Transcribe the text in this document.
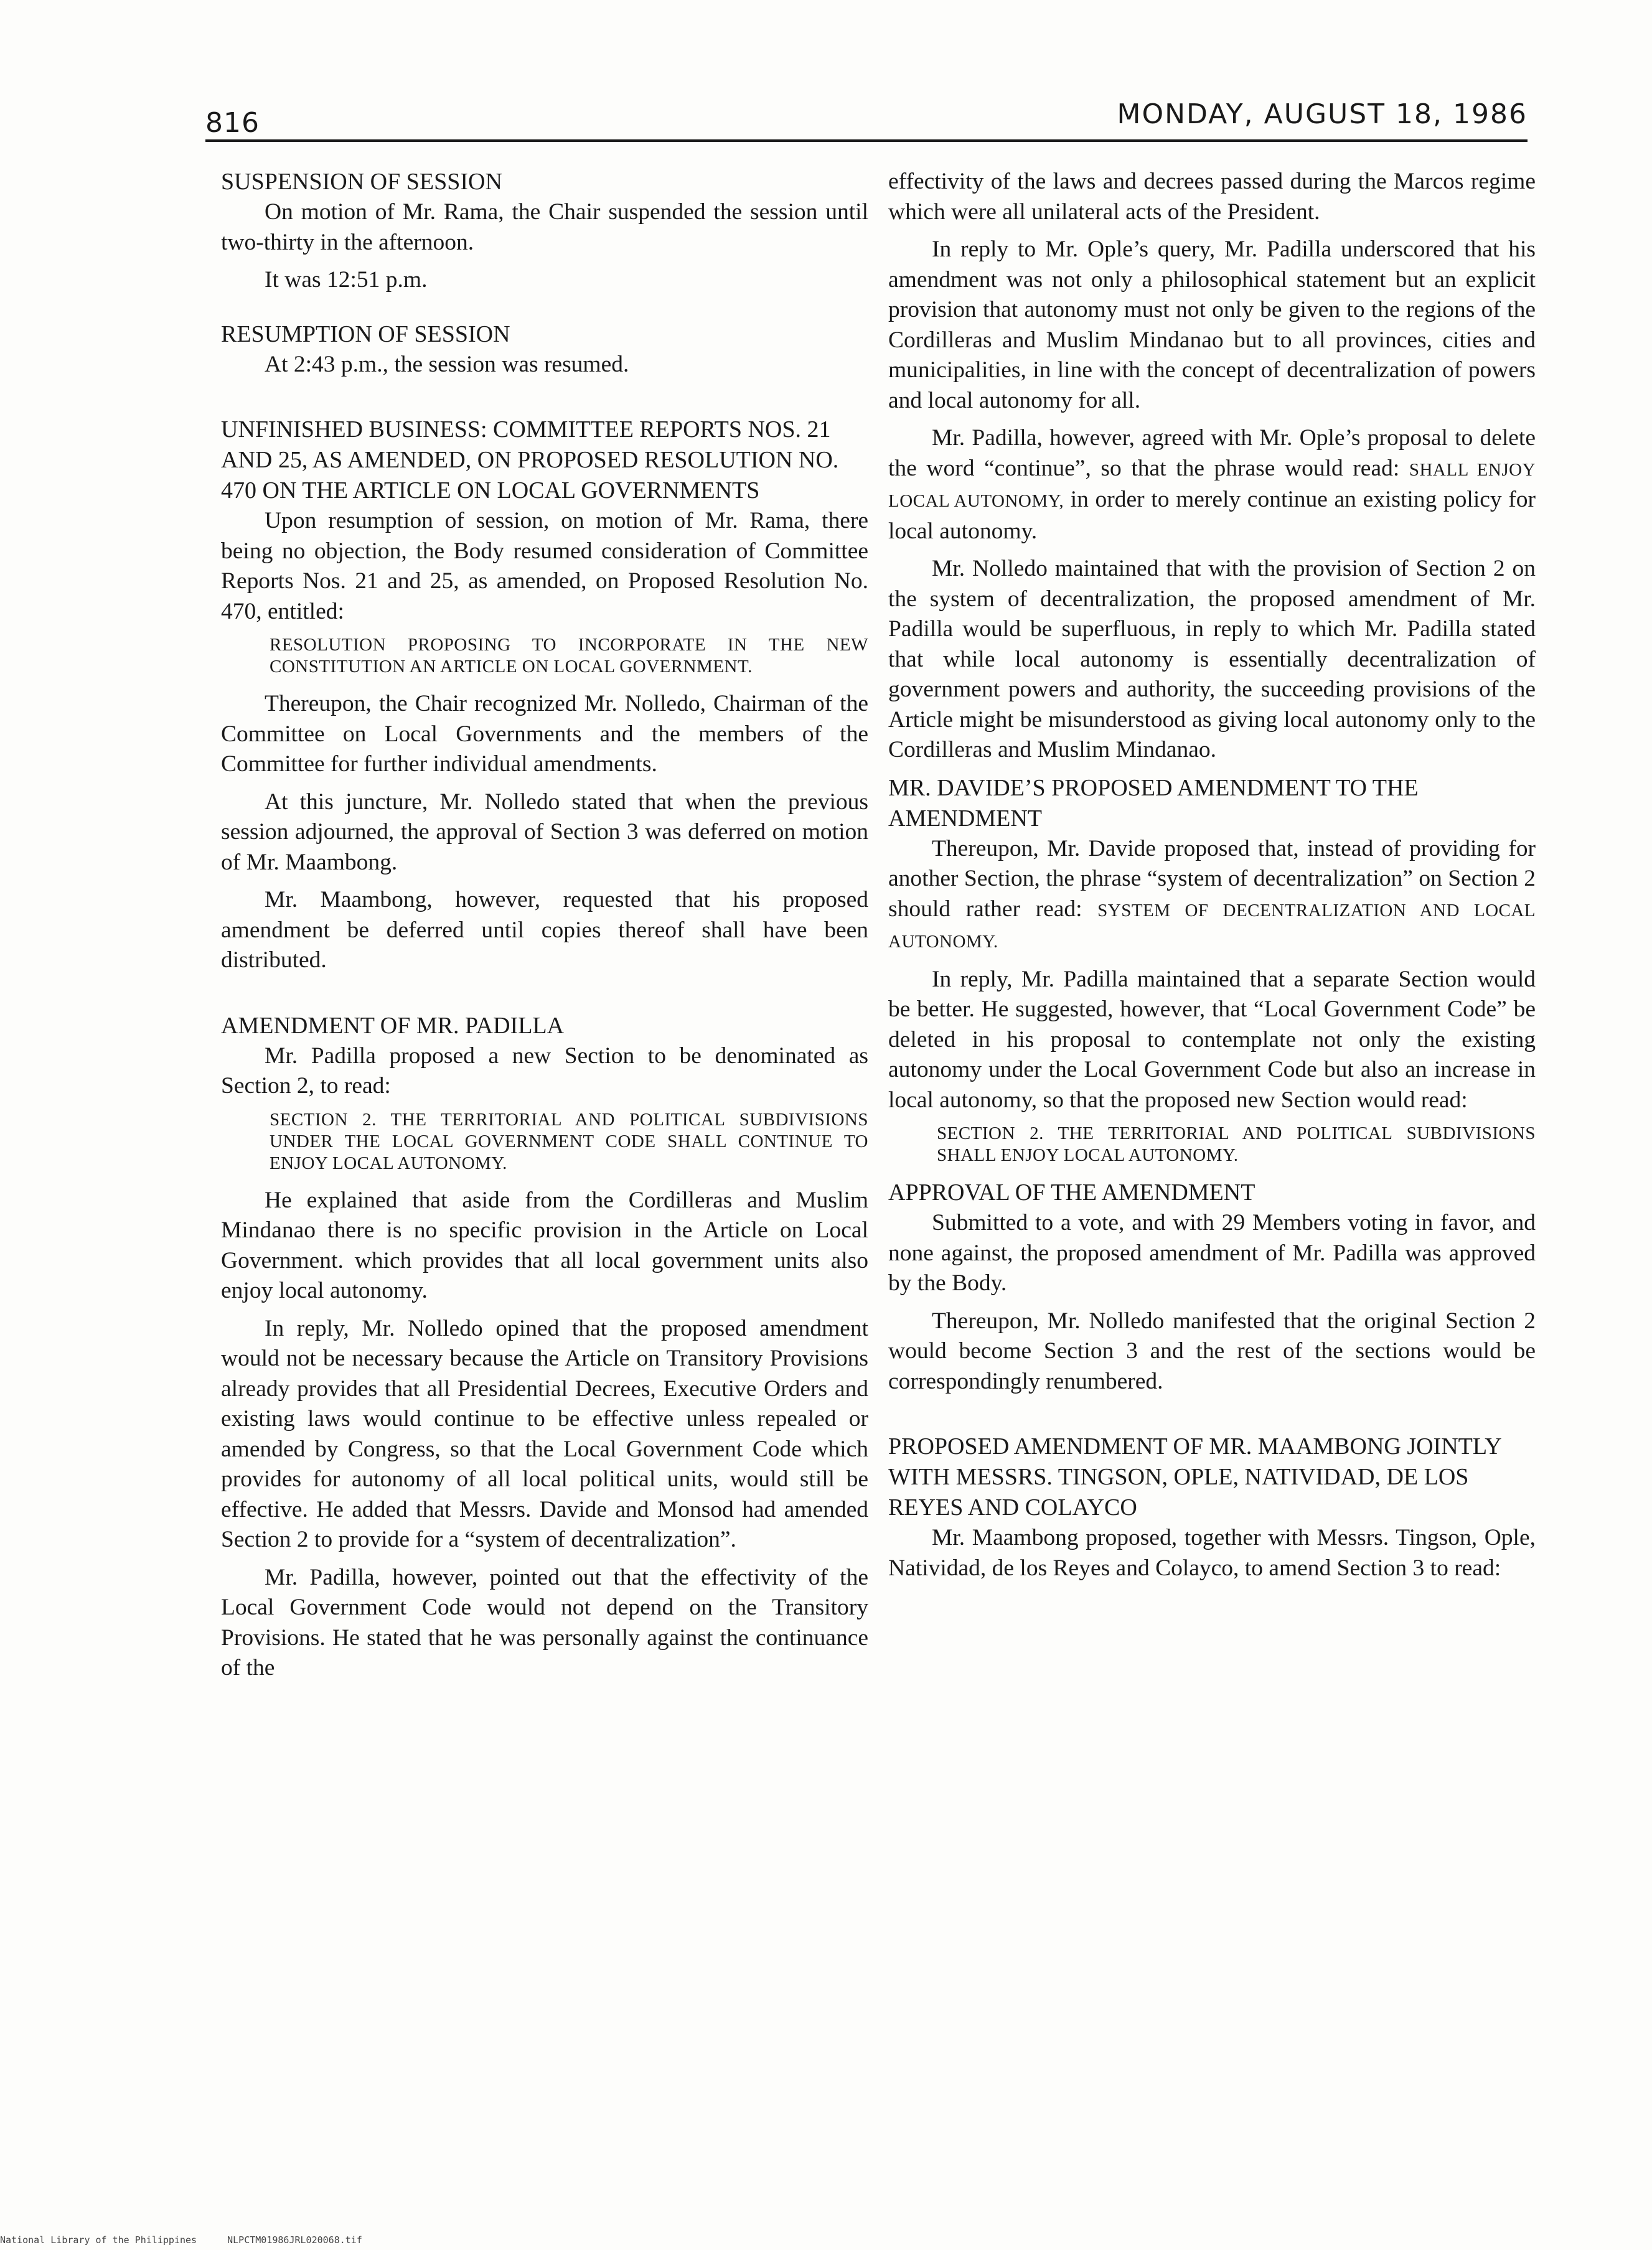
816	MONDAY, AUGUST 18, 1986
SUSPENSION OF SESSION

On motion of Mr. Rama, the Chair suspended the session until two-thirty in the afternoon.

It was 12:51 p.m.

RESUMPTION OF SESSION

At 2:43 p.m., the session was resumed.

UNFINISHED BUSINESS: COMMITTEE REPORTS NOS. 21 AND 25, AS AMENDED, ON PROPOSED RESOLUTION NO. 470 ON THE ARTICLE ON LOCAL GOVERNMENTS

Upon resumption of session, on motion of Mr. Rama, there being no objection, the Body resumed consideration of Committee Reports Nos. 21 and 25, as amended, on Proposed Resolution No. 470, entitled:

RESOLUTION PROPOSING TO INCORPORATE IN THE NEW CONSTITUTION AN ARTICLE ON LOCAL GOVERNMENT.

Thereupon, the Chair recognized Mr. Nolledo, Chairman of the Committee on Local Governments and the members of the Committee for further individual amendments.

At this juncture, Mr. Nolledo stated that when the previous session adjourned, the approval of Section 3 was deferred on motion of Mr. Maambong.

Mr. Maambong, however, requested that his proposed amendment be deferred until copies thereof shall have been distributed.

AMENDMENT OF MR. PADILLA

Mr. Padilla proposed a new Section to be denominated as Section 2, to read:

SECTION 2. THE TERRITORIAL AND POLITICAL SUBDIVISIONS UNDER THE LOCAL GOVERNMENT CODE SHALL CONTINUE TO ENJOY LOCAL AUTONOMY.

He explained that aside from the Cordilleras and Muslim Mindanao there is no specific provision in the Article on Local Government. which provides that all local government units also enjoy local autonomy.

In reply, Mr. Nolledo opined that the proposed amendment would not be necessary because the Article on Transitory Provisions already provides that all Presidential Decrees, Executive Orders and existing laws would continue to be effective unless repealed or amended by Congress, so that the Local Government Code which provides for autonomy of all local political units, would still be effective. He added that Messrs. Davide and Monsod had amended Section 2 to provide for a “system of decentralization”.

Mr. Padilla, however, pointed out that the effectivity of the Local Government Code would not depend on the Transitory Provisions. He stated that he was personally against the continuance of the

effectivity of the laws and decrees passed during the Marcos regime which were all unilateral acts of the President.

In reply to Mr. Ople’s query, Mr. Padilla underscored that his amendment was not only a philosophical statement but an explicit provision that autonomy must not only be given to the regions of the Cordilleras and Muslim Mindanao but to all provinces, cities and municipalities, in line with the concept of decentralization of powers and local autonomy for all.

Mr. Padilla, however, agreed with Mr. Ople’s proposal to delete the word “continue”, so that the phrase would read: SHALL ENJOY LOCAL AUTONOMY, in order to merely continue an existing policy for local autonomy.

Mr. Nolledo maintained that with the provision of Section 2 on the system of decentralization, the proposed amendment of Mr. Padilla would be superfluous, in reply to which Mr. Padilla stated that while local autonomy is essentially decentralization of government powers and authority, the succeeding provisions of the Article might be misunderstood as giving local autonomy only to the Cordilleras and Muslim Mindanao.

MR. DAVIDE’S PROPOSED AMENDMENT TO THE AMENDMENT

Thereupon, Mr. Davide proposed that, instead of providing for another Section, the phrase “system of decentralization” on Section 2 should rather read: SYSTEM OF DECENTRALIZATION AND LOCAL AUTONOMY.

In reply, Mr. Padilla maintained that a separate Section would be better. He suggested, however, that “Local Government Code” be deleted in his proposal to contemplate not only the existing autonomy under the Local Government Code but also an increase in local autonomy, so that the proposed new Section would read:

SECTION 2. THE TERRITORIAL AND POLITICAL SUBDIVISIONS SHALL ENJOY LOCAL AUTONOMY.
APPROVAL OF THE AMENDMENT

Submitted to a vote, and with 29 Members voting in favor, and none against, the proposed amendment of Mr. Padilla was approved by the Body.

Thereupon, Mr. Nolledo manifested that the original Section 2 would become Section 3 and the rest of the sections would be correspondingly renumbered.

PROPOSED AMENDMENT OF MR. MAAMBONG JOINTLY WITH MESSRS. TINGSON, OPLE, NATIVIDAD, DE LOS REYES AND COLAYCO

Mr. Maambong proposed, together with Messrs. Tingson, Ople, Natividad, de los Reyes and Colayco, to amend Section 3 to read:

National Library of the Philippines	NLPCTM01986JRL020068.tif
